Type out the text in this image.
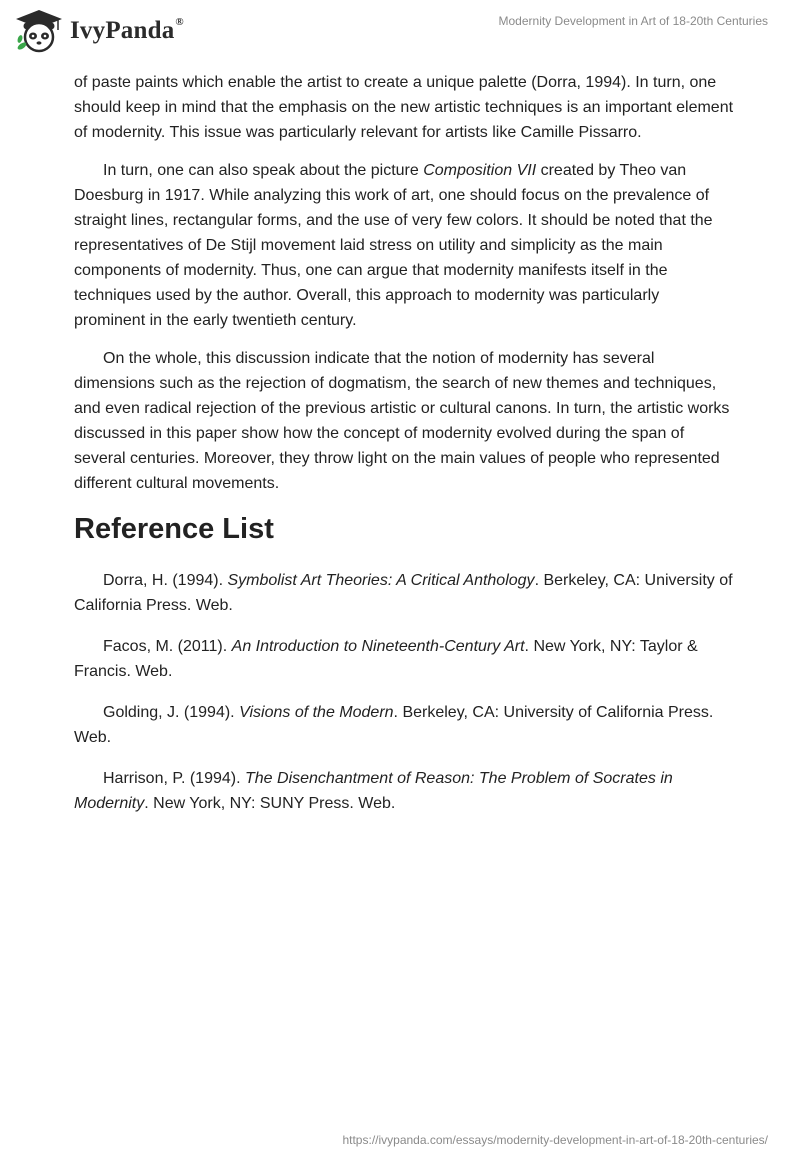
IvyPanda®	Modernity Development in Art of 18-20th Centuries

of paste paints which enable the artist to create a unique palette (Dorra, 1994). In turn, one should keep in mind that the emphasis on the new artistic techniques is an important element of modernity. This issue was particularly relevant for artists like Camille Pissarro.

In turn, one can also speak about the picture Composition VII created by Theo van Doesburg in 1917. While analyzing this work of art, one should focus on the prevalence of straight lines, rectangular forms, and the use of very few colors. It should be noted that the representatives of De Stijl movement laid stress on utility and simplicity as the main components of modernity. Thus, one can argue that modernity manifests itself in the techniques used by the author. Overall, this approach to modernity was particularly prominent in the early twentieth century.

On the whole, this discussion indicate that the notion of modernity has several dimensions such as the rejection of dogmatism, the search of new themes and techniques, and even radical rejection of the previous artistic or cultural canons. In turn, the artistic works discussed in this paper show how the concept of modernity evolved during the span of several centuries. Moreover, they throw light on the main values of people who represented different cultural movements.

Reference List

Dorra, H. (1994). Symbolist Art Theories: A Critical Anthology. Berkeley, CA: University of California Press. Web.

Facos, M. (2011). An Introduction to Nineteenth-Century Art. New York, NY: Taylor & Francis. Web.

Golding, J. (1994). Visions of the Modern. Berkeley, CA: University of California Press. Web.

Harrison, P. (1994). The Disenchantment of Reason: The Problem of Socrates in Modernity. New York, NY: SUNY Press. Web.

https://ivypanda.com/essays/modernity-development-in-art-of-18-20th-centuries/
